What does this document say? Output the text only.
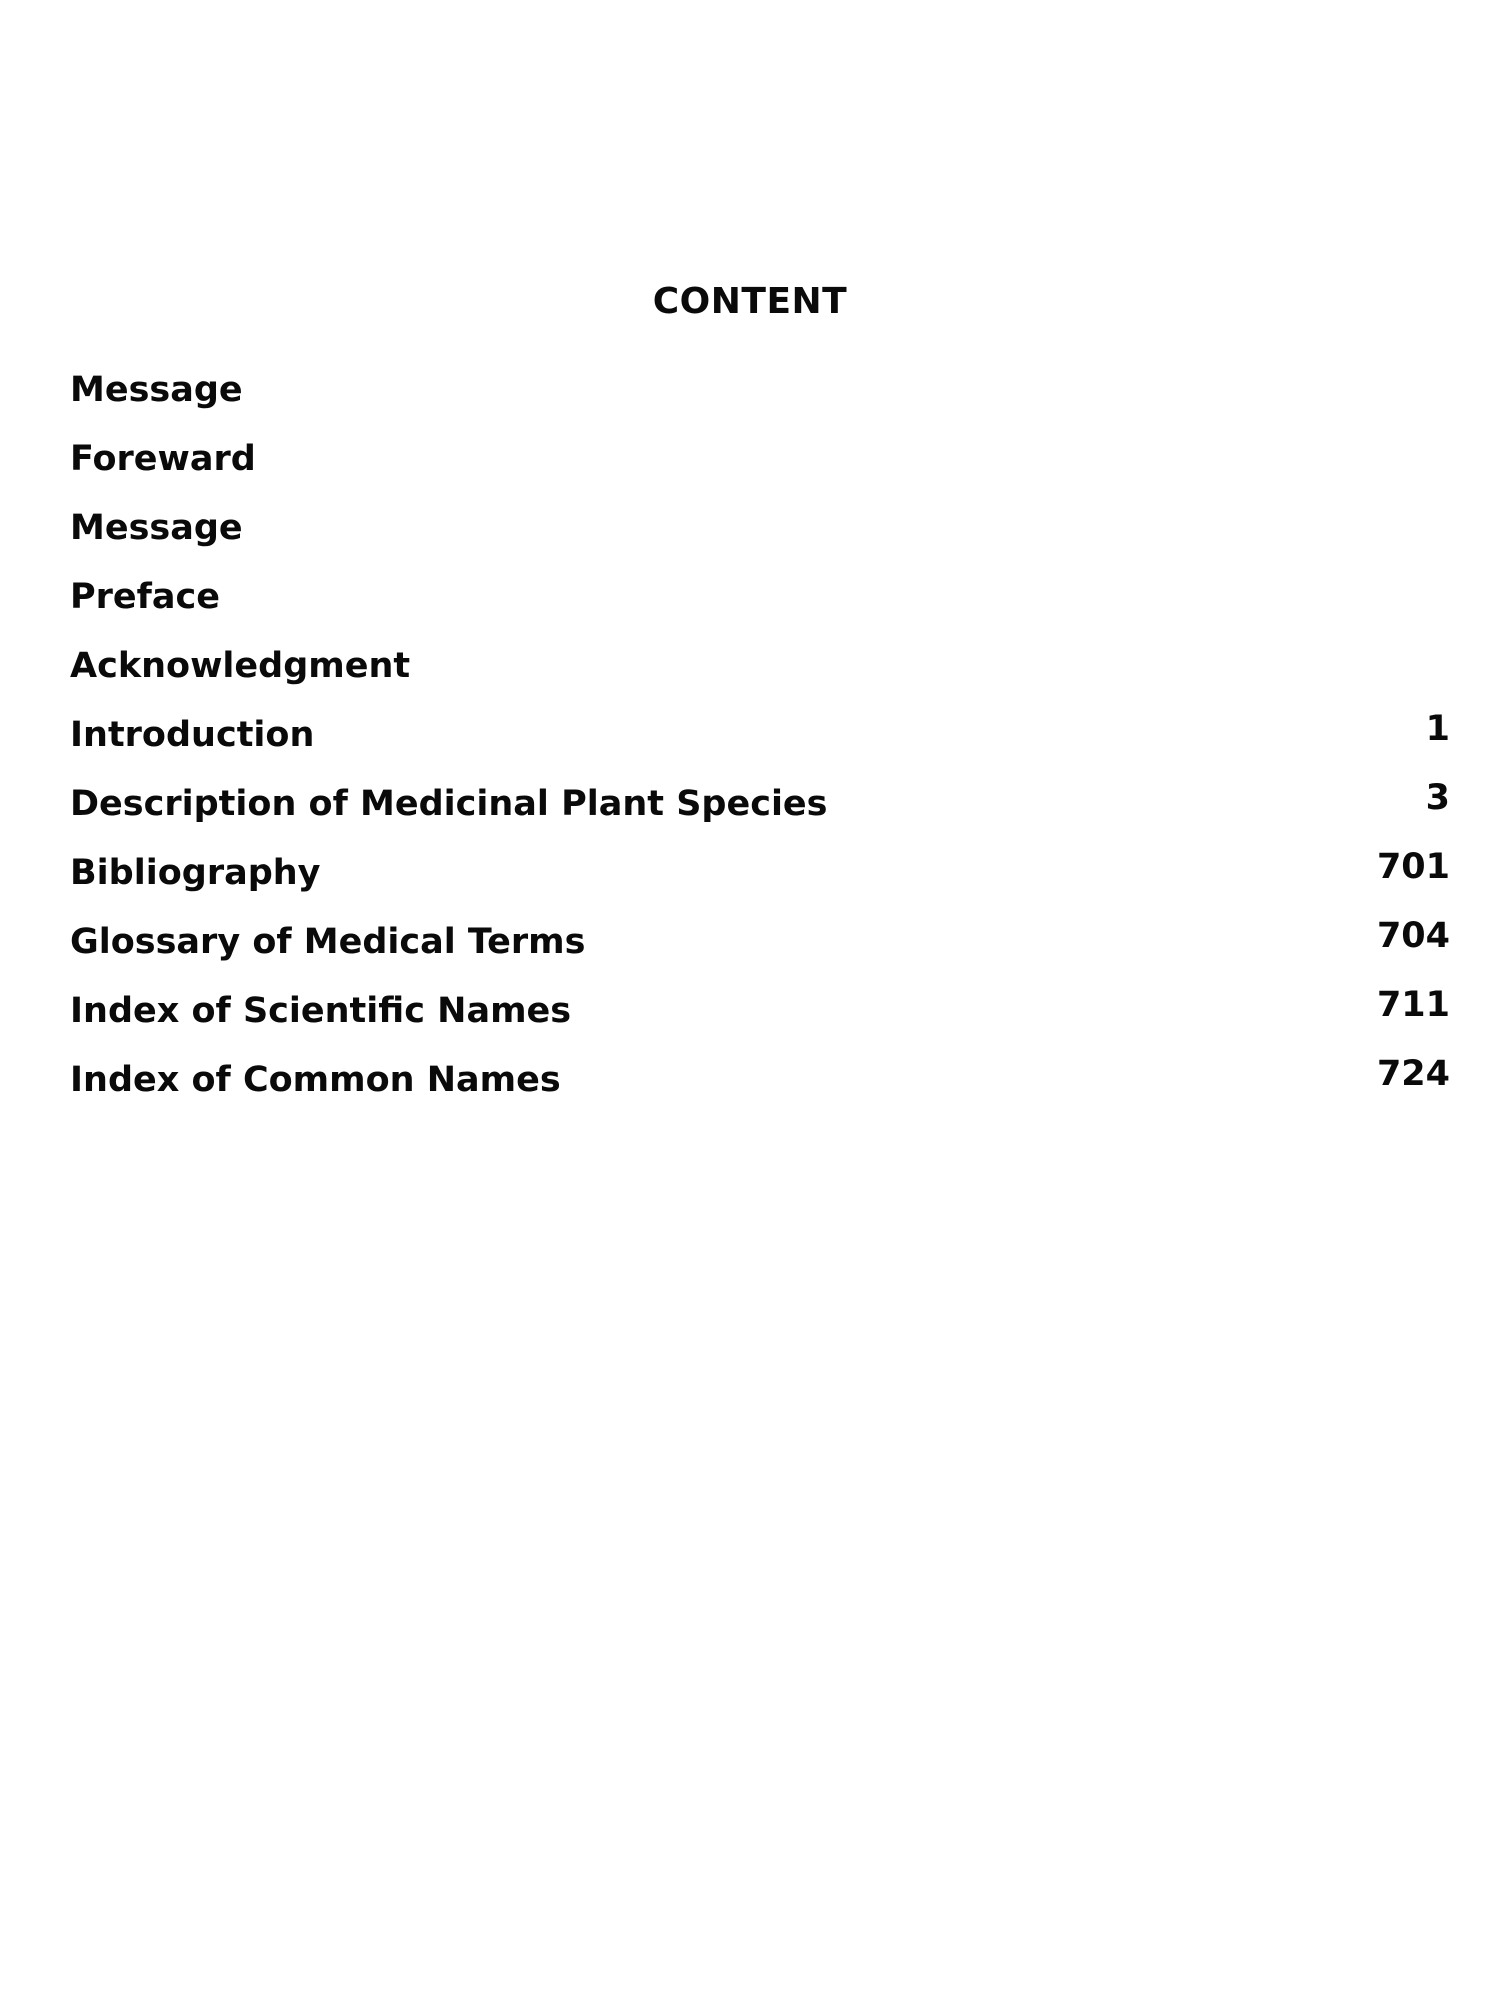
CONTENT
Message
Foreward
Message
Preface
Acknowledgment
Introduction	1
Description of Medicinal Plant Species	3
Bibliography	701
Glossary of Medical Terms	704
Index of Scientific Names	711
Index of Common Names	724
